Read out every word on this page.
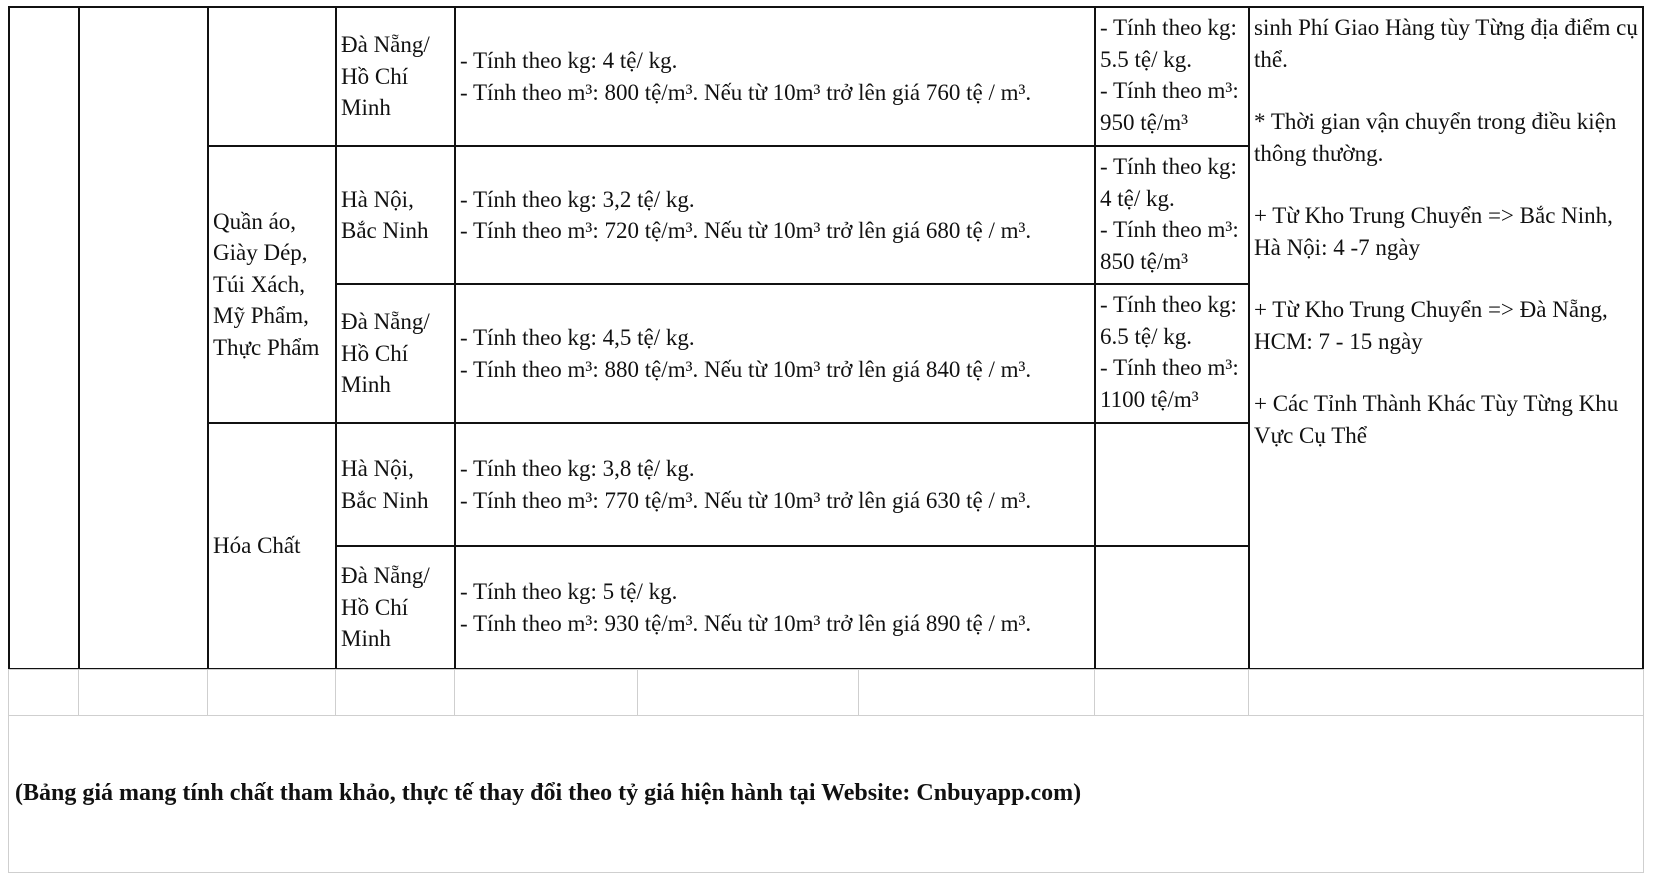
Quần áo, Giày Dép, Túi Xách, Mỹ Phẩm, Thực Phẩm
Hóa Chất
Đà Nẵng/ Hồ Chí Minh
- Tính theo kg: 4 tệ/ kg.
- Tính theo m³: 800 tệ/m³. Nếu từ 10m³ trở lên giá 760 tệ / m³.
- Tính theo kg: 5.5 tệ/ kg.
- Tính theo m³: 950 tệ/m³
Hà Nội, Bắc Ninh
- Tính theo kg: 3,2 tệ/ kg.
- Tính theo m³: 720 tệ/m³. Nếu từ 10m³ trở lên giá 680 tệ / m³.
- Tính theo kg: 4 tệ/ kg.
- Tính theo m³: 850 tệ/m³
Đà Nẵng/ Hồ Chí Minh
- Tính theo kg: 4,5 tệ/ kg.
- Tính theo m³: 880 tệ/m³. Nếu từ 10m³ trở lên giá 840 tệ / m³.
- Tính theo kg: 6.5 tệ/ kg.
- Tính theo m³: 1100 tệ/m³
Hà Nội, Bắc Ninh
- Tính theo kg: 3,8 tệ/ kg.
- Tính theo m³: 770 tệ/m³. Nếu từ 10m³ trở lên giá 630 tệ / m³.
Đà Nẵng/ Hồ Chí Minh
- Tính theo kg: 5 tệ/ kg.
- Tính theo m³: 930 tệ/m³. Nếu từ 10m³ trở lên giá 890 tệ / m³.
sinh Phí Giao Hàng tùy Từng địa điểm cụ thể.
* Thời gian vận chuyển trong điều kiện thông thường.
+ Từ Kho Trung Chuyển => Bắc Ninh, Hà Nội: 4 -7 ngày
+ Từ Kho Trung Chuyển => Đà Nẵng, HCM: 7 - 15 ngày
+ Các Tỉnh Thành Khác Tùy Từng Khu Vực Cụ Thể
(Bảng giá mang tính chất tham khảo, thực tế thay đổi theo tỷ giá hiện hành tại Website: Cnbuyapp.com)
